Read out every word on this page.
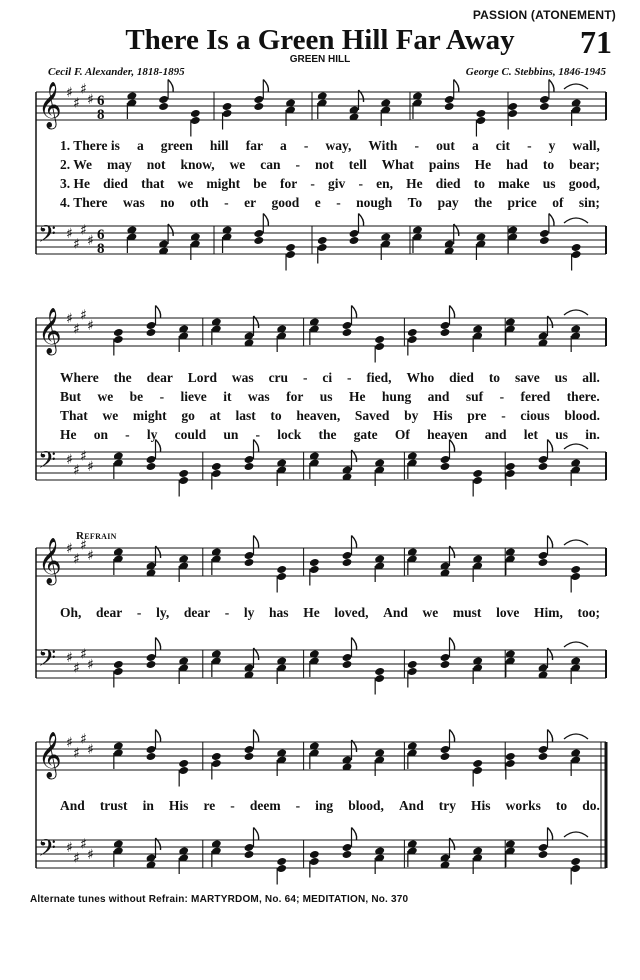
PASSION (ATONEMENT)
There Is a Green Hill Far Away	71
GREEN HILL
Cecil F. Alexander, 1818-1895	George C. Stebbins, 1846-1945
𝄞 ♯
♯
♯
♯ 6
8
𝄢 ♯
♯
♯
♯ 6
8
𝄞 ♯
♯
♯
♯
𝄢 ♯
♯
♯
♯
𝄞 ♯
♯
♯
♯
𝄢 ♯
♯
♯
♯
𝄞 ♯
♯
♯
♯
𝄢 ♯
♯
♯
♯
1. There is a green hill far a - way, With - out a cit - y wall,
2. We may not know, we can - not tell What pains He had to bear;
3. He died that we might be for - giv - en, He died to make us good,
4. There was no oth - er good e - nough To pay the price of sin;
Where the dear Lord was cru - ci - fied, Who died to save us all.
But we be - lieve it was for us He hung and suf - fered there.
That we might go at last to heaven, Saved by His pre - cious blood.
He on - ly could un - lock the gate Of heaven and let us in.
Refrain
Oh, dear - ly, dear - ly has He loved, And we must love Him, too;
And trust in His re - deem - ing blood, And try His works to do.
Alternate tunes without Refrain: MARTYRDOM, No. 64; MEDITATION, No. 370
